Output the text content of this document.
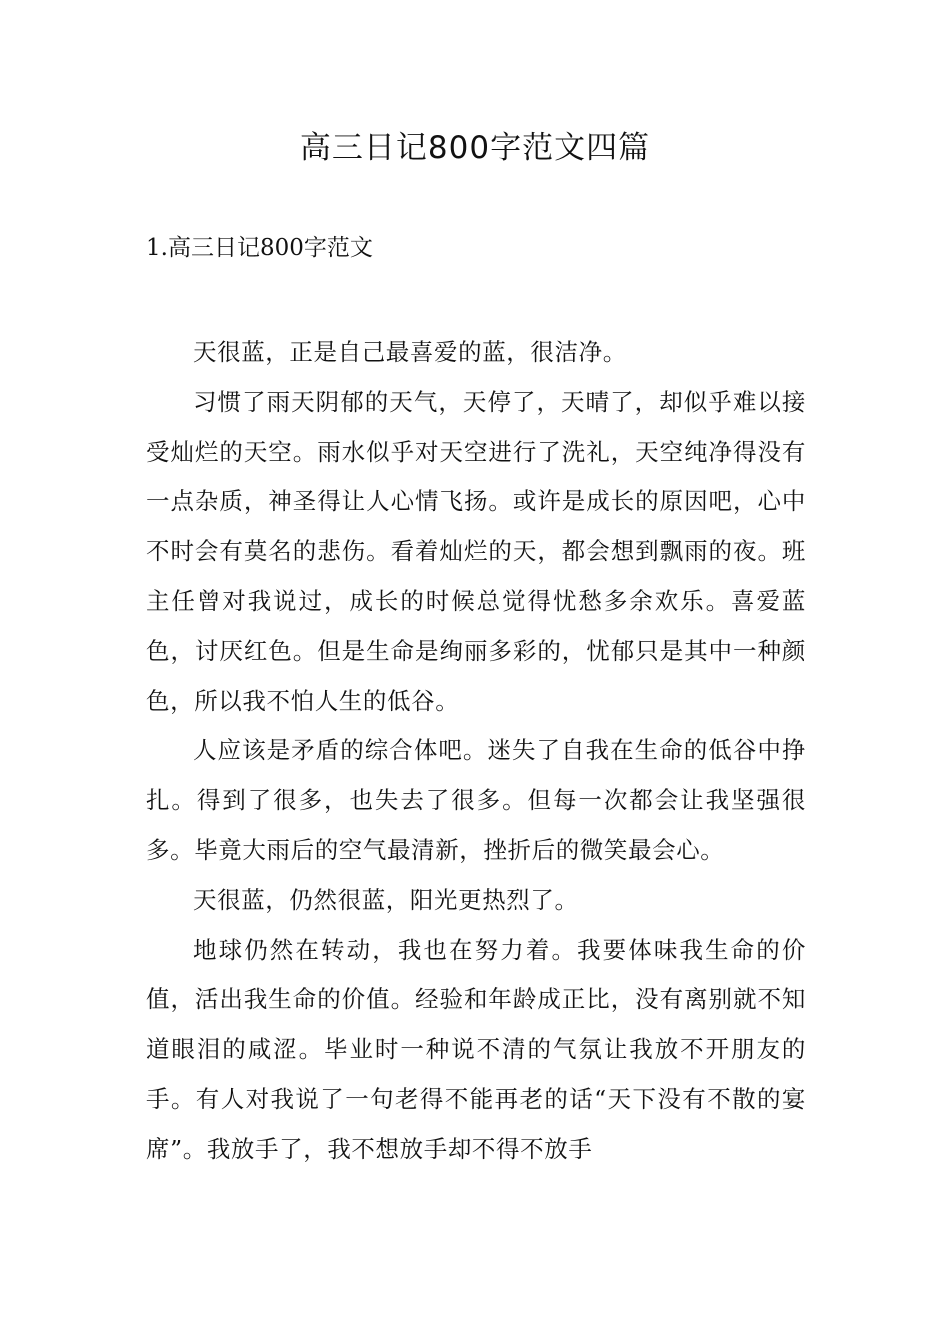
高三日记800字范文四篇
1.高三日记800字范文

天很蓝，正是自己最喜爱的蓝，很洁净。

习惯了雨天阴郁的天气，天停了，天晴了，却似乎难以接受灿烂的天空。雨水似乎对天空进行了洗礼，天空纯净得没有一点杂质，神圣得让人心情飞扬。或许是成长的原因吧，心中不时会有莫名的悲伤。看着灿烂的天，都会想到飘雨的夜。班主任曾对我说过，成长的时候总觉得忧愁多余欢乐。喜爱蓝色，讨厌红色。但是生命是绚丽多彩的，忧郁只是其中一种颜色，所以我不怕人生的低谷。

人应该是矛盾的综合体吧。迷失了自我在生命的低谷中挣扎。得到了很多，也失去了很多。但每一次都会让我坚强很多。毕竟大雨后的空气最清新，挫折后的微笑最会心。

天很蓝，仍然很蓝，阳光更热烈了。

地球仍然在转动，我也在努力着。我要体味我生命的价值，活出我生命的价值。经验和年龄成正比，没有离别就不知道眼泪的咸涩。毕业时一种说不清的气氛让我放不开朋友的手。有人对我说了一句老得不能再老的话“天下没有不散的宴席”。我放手了，我不想放手却不得不放手
